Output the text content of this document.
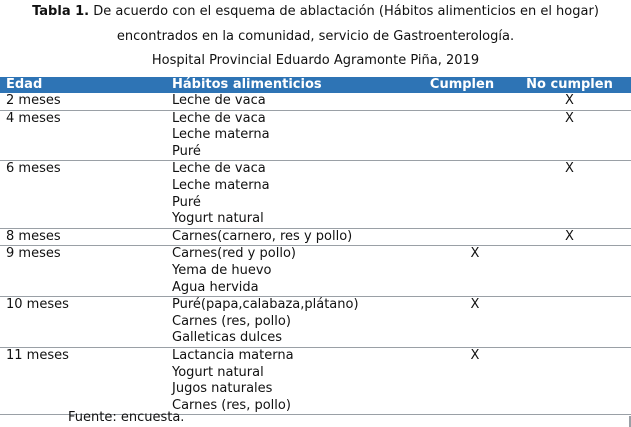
Tabla 1. De acuerdo con el esquema de ablactación (Hábitos alimenticios en el hogar)
encontrados en la comunidad, servicio de Gastroenterología.
Hospital Provincial Eduardo Agramonte Piña, 2019
Edad	Hábitos alimenticios	Cumplen	No cumplen
2 meses	Leche de vaca		X
4 meses	Leche de vaca
Leche materna
Puré		X
6 meses	Leche de vaca
Leche materna
Puré
Yogurt natural		X
8 meses	Carnes(carnero, res y pollo)		X
9 meses	Carnes(red y pollo)
Yema de huevo
Agua hervida	X	
10 meses	Puré(papa,calabaza,plátano)
Carnes (res, pollo)
Galleticas dulces	X	
11 meses	Lactancia materna
Yogurt natural
Jugos naturales
Carnes (res, pollo)	X	
Fuente: encuesta.
